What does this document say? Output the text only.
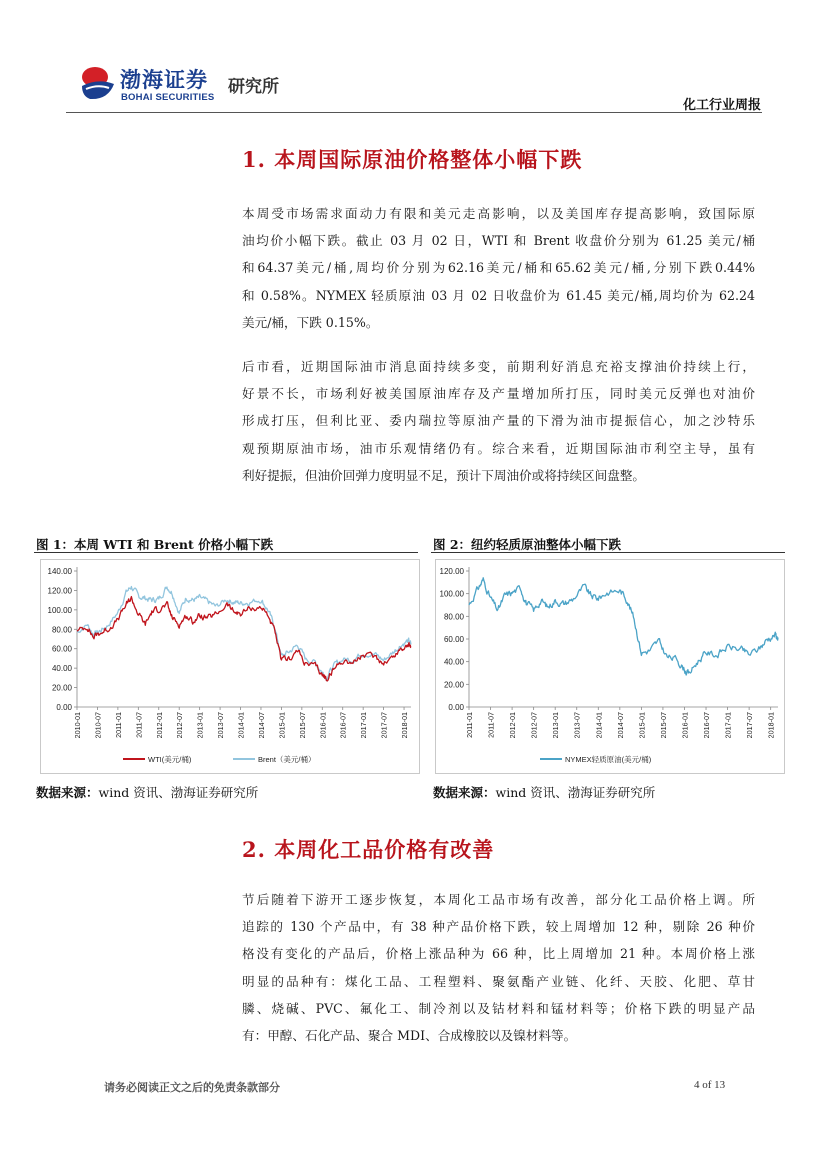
渤海证券
BOHAI SECURITIES
研究所
化工行业周报
1. 本周国际原油价格整体小幅下跌
本周受市场需求面动力有限和美元走高影响，以及美国库存提高影响，致国际原
油均价小幅下跌。截止 03 月 02 日，WTI 和 Brent 收盘价分别为 61.25 美元/桶
和64.37美元/桶,周均价分别为62.16美元/桶和65.62美元/桶,分别下跌0.44%
和 0.58%。NYMEX 轻质原油 03 月 02 日收盘价为 61.45 美元/桶,周均价为 62.24
美元/桶，下跌 0.15%。
后市看，近期国际油市消息面持续多变，前期利好消息充裕支撑油价持续上行，
好景不长，市场利好被美国原油库存及产量增加所打压，同时美元反弹也对油价
形成打压，但利比亚、委内瑞拉等原油产量的下滑为油市提振信心，加之沙特乐
观预期原油市场，油市乐观情绪仍有。综合来看，近期国际油市利空主导，虽有
利好提振，但油价回弹力度明显不足，预计下周油价或将持续区间盘整。
图 1：本周 WTI 和 Brent 价格小幅下跌
0.00
20.00
40.00
60.00
80.00
100.00
120.00
140.00
2010-01 2010-07 2011-01 2011-07 2012-01 2012-07 2013-01 2013-07 2014-01 2014-07 2015-01 2015-07 2016-01 2016-07 2017-01 2017-07 2018-01
WTI(美元/桶)	Brent（美元/桶）
数据来源：wind 资讯、渤海证券研究所
图 2：纽约轻质原油整体小幅下跌
0.00
20.00
40.00
60.00
80.00
100.00
120.00
2011-01 2011-07 2012-01 2012-07 2013-01 2013-07 2014-01 2014-07 2015-01 2015-07 2016-01 2016-07 2017-01 2017-07 2018-01
NYMEX轻质原油(美元/桶)
数据来源：wind 资讯、渤海证券研究所
2. 本周化工品价格有改善
节后随着下游开工逐步恢复，本周化工品市场有改善，部分化工品价格上调。所
追踪的 130 个产品中，有 38 种产品价格下跌，较上周增加 12 种，剔除 26 种价
格没有变化的产品后，价格上涨品种为 66 种，比上周增加 21 种。本周价格上涨
明显的品种有：煤化工品、工程塑料、聚氨酯产业链、化纤、天胶、化肥、草甘
膦、烧碱、PVC、氟化工、制冷剂以及钴材料和锰材料等；价格下跌的明显产品
有：甲醇、石化产品、聚合 MDI、合成橡胶以及镍材料等。
请务必阅读正文之后的免责条款部分	4 of 13
